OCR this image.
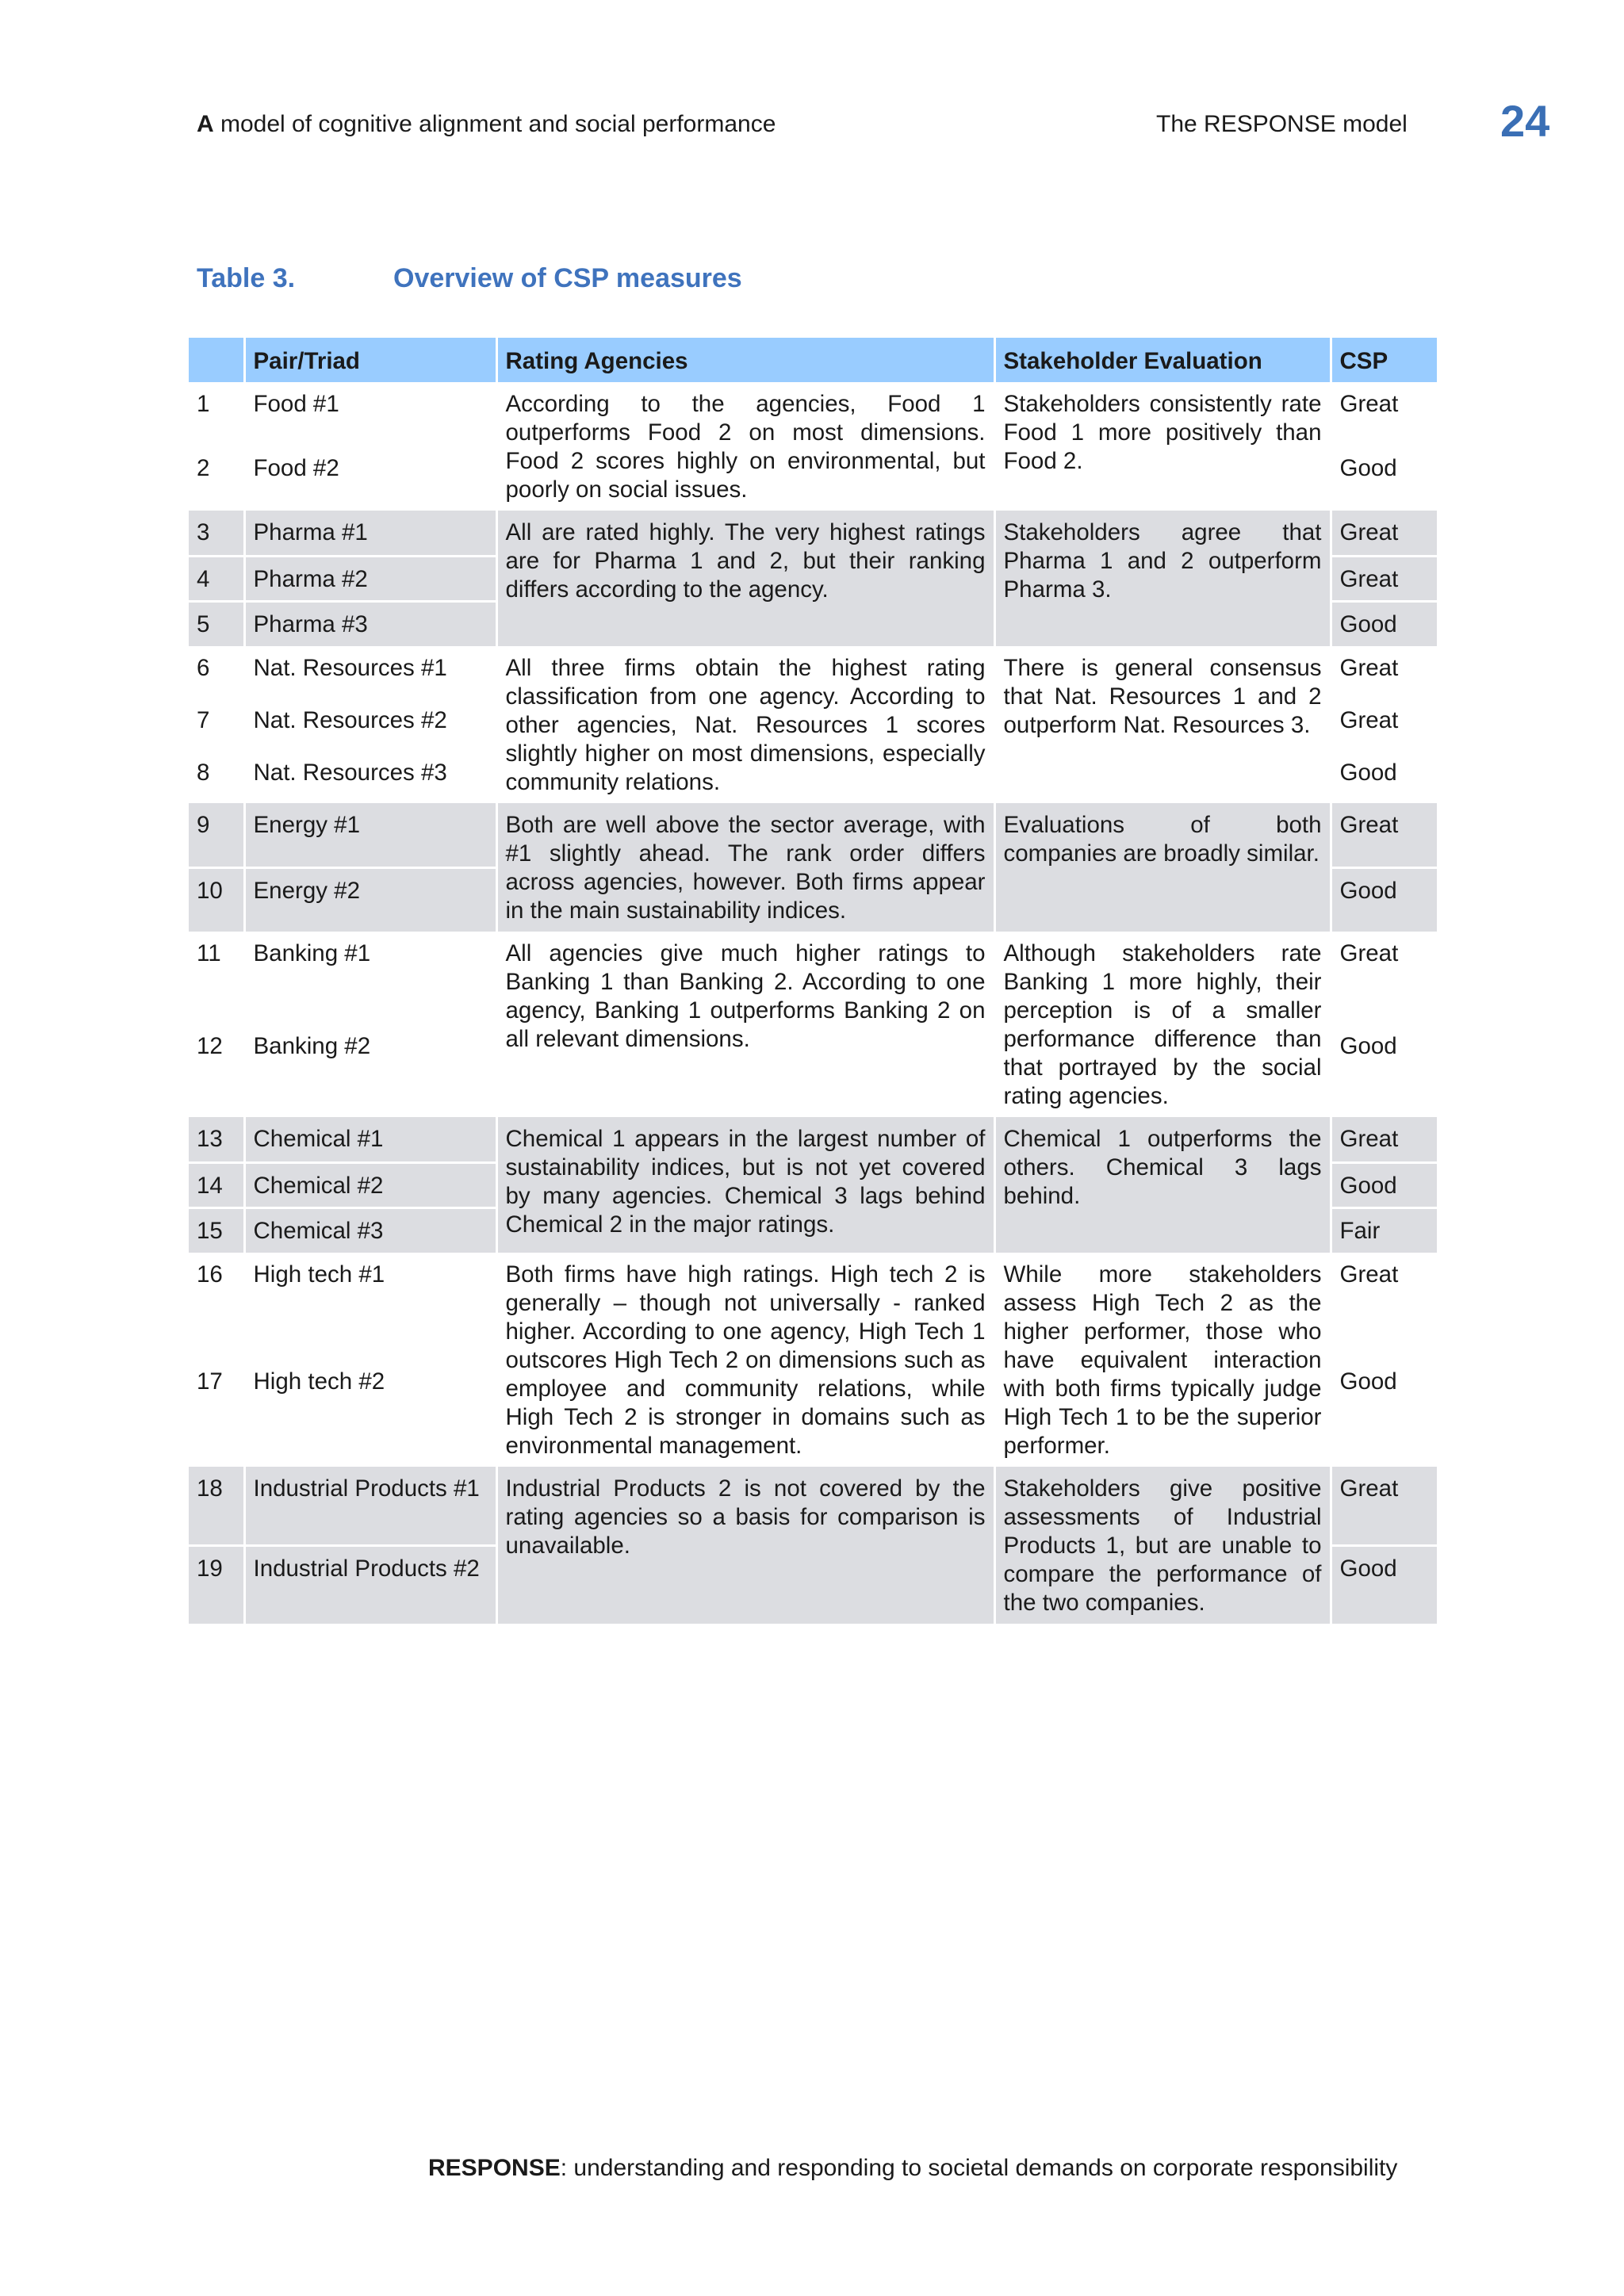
A model of cognitive alignment and social performance	The RESPONSE model 24
Table 3.	Overview of CSP measures
	Pair/Triad	Rating Agencies	Stakeholder Evaluation	CSP
1	Food #1	According to the agencies, Food 1 outperforms Food 2 on most dimensions. Food 2 scores highly on environmental, but poorly on social issues.	Stakeholders consistently rate Food 1 more positively than Food 2.	Great
2	Food #2			Good
3	Pharma #1	All are rated highly. The very highest ratings are for Pharma 1 and 2, but their ranking differs according to the agency.	Stakeholders agree that Pharma 1 and 2 outperform Pharma 3.	Great
4	Pharma #2			Great
5	Pharma #3			Good
6	Nat. Resources #1	All three firms obtain the highest rating classification from one agency. According to other agencies, Nat. Resources 1 scores slightly higher on most dimensions, especially community relations.	There is general consensus that Nat. Resources 1 and 2 outperform Nat. Resources 3.	Great
7	Nat. Resources #2			Great
8	Nat. Resources #3			Good
9	Energy #1	Both are well above the sector average, with #1 slightly ahead. The rank order differs across agencies, however. Both firms appear in the main sustainability indices.	Evaluations of both companies are broadly similar.	Great
10	Energy #2			Good
11	Banking #1	All agencies give much higher ratings to Banking 1 than Banking 2. According to one agency, Banking 1 outperforms Banking 2 on all relevant dimensions.	Although stakeholders rate Banking 1 more highly, their perception is of a smaller performance difference than that portrayed by the social rating agencies.	Great
12	Banking #2			Good
13	Chemical #1	Chemical 1 appears in the largest number of sustainability indices, but is not yet covered by many agencies. Chemical 3 lags behind Chemical 2 in the major ratings.	Chemical 1 outperforms the others. Chemical 3 lags behind.	Great
14	Chemical #2			Good
15	Chemical #3			Fair
16	High tech #1	Both firms have high ratings. High tech 2 is generally – though not universally - ranked higher. According to one agency, High Tech 1 outscores High Tech 2 on dimensions such as employee and community relations, while High Tech 2 is stronger in domains such as environmental management.	While more stakeholders assess High Tech 2 as the higher performer, those who have equivalent interaction with both firms typically judge High Tech 1 to be the superior performer.	Great
17	High tech #2			Good
18	Industrial Products #1	Industrial Products 2 is not covered by the rating agencies so a basis for comparison is unavailable.	Stakeholders give positive assessments of Industrial Products 1, but are unable to compare the performance of the two companies.	Great
19	Industrial Products #2			Good
RESPONSE: understanding and responding to societal demands on corporate responsibility
